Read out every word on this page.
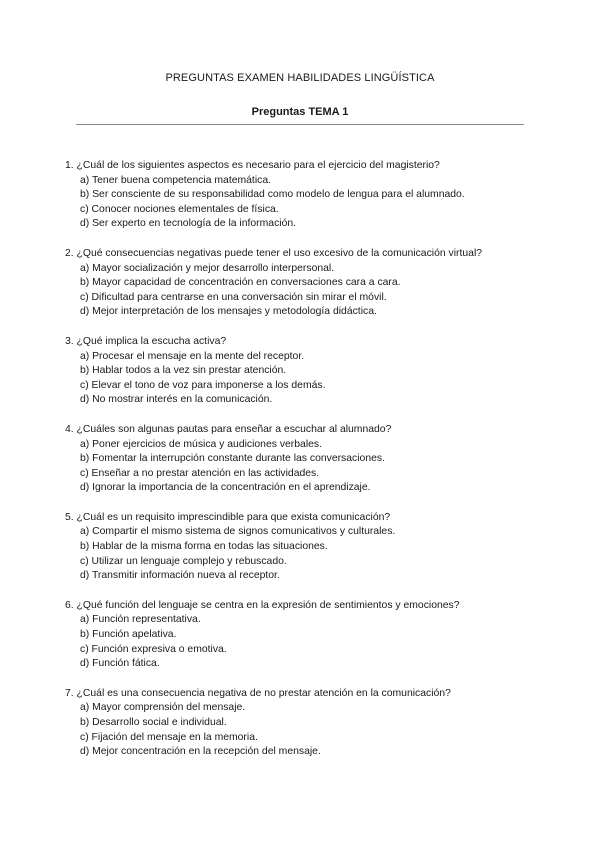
PREGUNTAS EXAMEN HABILIDADES LINGÜÍSTICA
Preguntas TEMA 1
1. ¿Cuál de los siguientes aspectos es necesario para el ejercicio del magisterio?
a) Tener buena competencia matemática.
b) Ser consciente de su responsabilidad como modelo de lengua para el alumnado.
c) Conocer nociones elementales de física.
d) Ser experto en tecnología de la información.
2. ¿Qué consecuencias negativas puede tener el uso excesivo de la comunicación virtual?
a) Mayor socialización y mejor desarrollo interpersonal.
b) Mayor capacidad de concentración en conversaciones cara a cara.
c) Dificultad para centrarse en una conversación sin mirar el móvil.
d) Mejor interpretación de los mensajes y metodología didáctica.
3. ¿Qué implica la escucha activa?
a) Procesar el mensaje en la mente del receptor.
b) Hablar todos a la vez sin prestar atención.
c) Elevar el tono de voz para imponerse a los demás.
d) No mostrar interés en la comunicación.
4. ¿Cuáles son algunas pautas para enseñar a escuchar al alumnado?
a) Poner ejercicios de música y audiciones verbales.
b) Fomentar la interrupción constante durante las conversaciones.
c) Enseñar a no prestar atención en las actividades.
d) Ignorar la importancia de la concentración en el aprendizaje.
5. ¿Cuál es un requisito imprescindible para que exista comunicación?
a) Compartir el mismo sistema de signos comunicativos y culturales.
b) Hablar de la misma forma en todas las situaciones.
c) Utilizar un lenguaje complejo y rebuscado.
d) Transmitir información nueva al receptor.
6. ¿Qué función del lenguaje se centra en la expresión de sentimientos y emociones?
a) Función representativa.
b) Función apelativa.
c) Función expresiva o emotiva.
d) Función fática.
7. ¿Cuál es una consecuencia negativa de no prestar atención en la comunicación?
a) Mayor comprensión del mensaje.
b) Desarrollo social e individual.
c) Fijación del mensaje en la memoria.
d) Mejor concentración en la recepción del mensaje.
